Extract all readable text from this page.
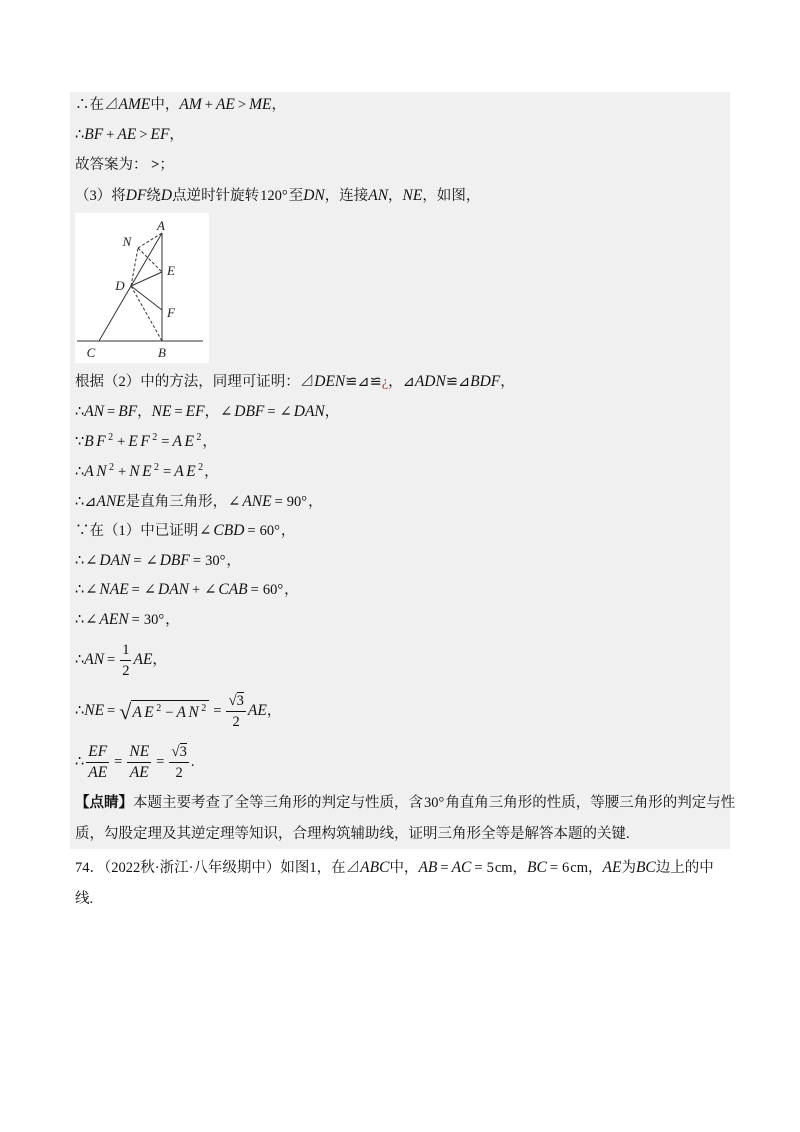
∴在⊿AME中，AM + AE > ME，
∴BF + AE > EF，
故答案为： >；
（3）将DF绕D点逆时针旋转120°至DN，连接AN，NE，如图，
A
N
E
D
F
C	B
根据（2）中的方法，同理可证明：⊿DEN≌⊿≌¿，⊿ADN≌⊿BDF，
∴AN = BF，NE = EF，∠ DBF = ∠ DAN，
$\because BF^2 + EF^2 = AE^2$，
$\therefore AN^2 + NE^2 = AE^2$，
∴⊿ANE是直角三角形，∠ ANE = 90°，
∵在（1）中已证明∠ CBD = 60°，
∴∠ DAN = ∠ DBF = 30°，
∴∠ NAE = ∠ DAN + ∠ CAB = 60°，
∴∠ AEN = 30°，
∴AN = $\frac{1}{2}$ AE，
∴NE = √ $AE^2 - AN^2 = \frac{√3}{2}$ AE，
∴ $\frac{EF}{AE} = \frac{NE}{AE} = \frac{√3}{2}$ .
【点睛】本题主要考查了全等三角形的判定与性质，含30°角直角三角形的性质，等腰三角形的判定与性
质，勾股定理及其逆定理等知识，合理构筑辅助线，证明三角形全等是解答本题的关键.
74．（2022秋·浙江·八年级期中）如图1，在⊿ABC中，AB = AC = 5cm，BC = 6cm，AE为BC边上的中
线.
